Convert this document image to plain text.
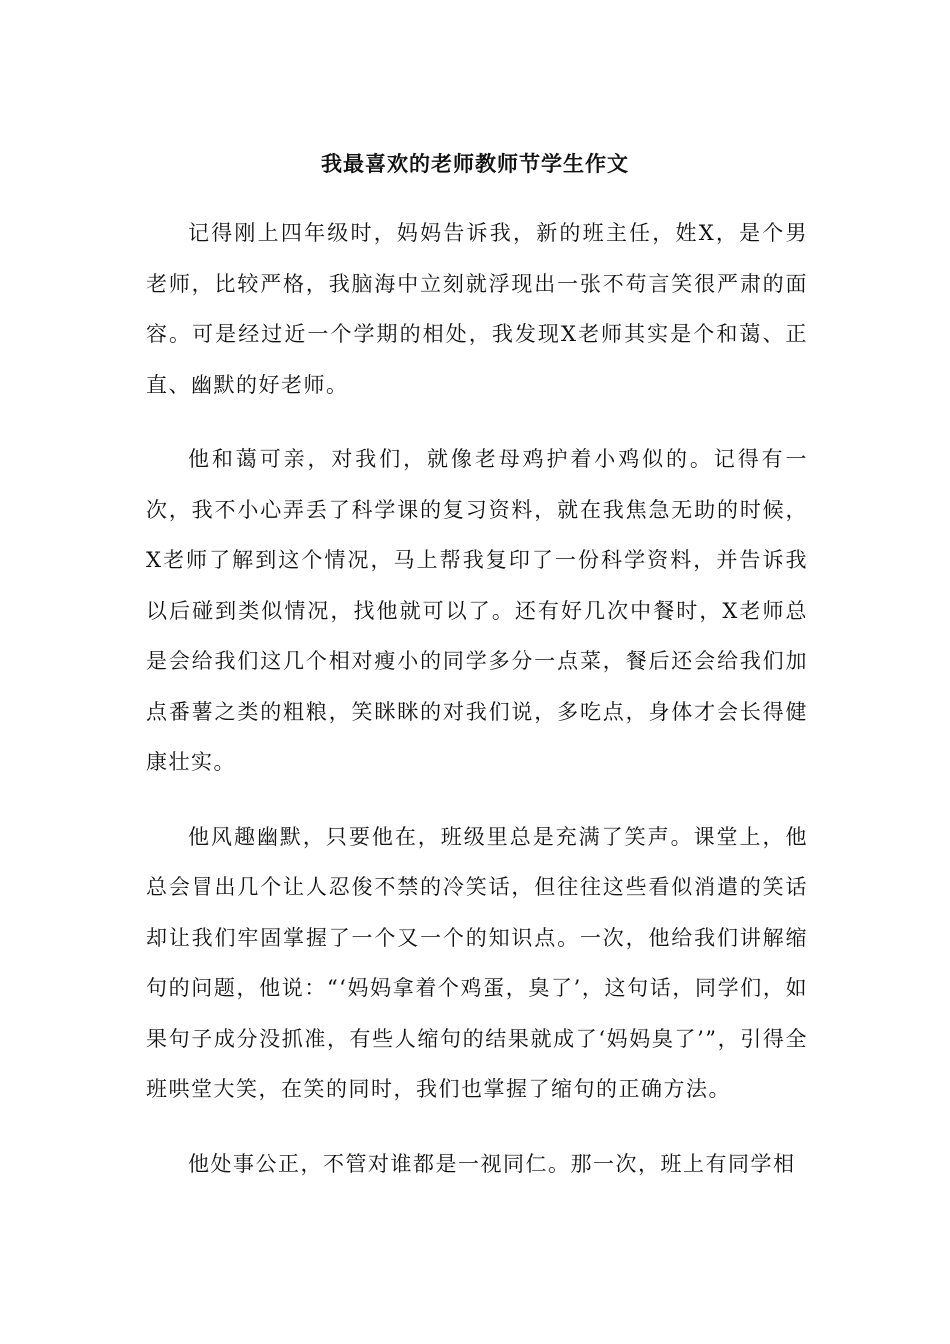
我最喜欢的老师教师节学生作文

记得刚上四年级时，妈妈告诉我，新的班主任，姓X，是个男老师，比较严格，我脑海中立刻就浮现出一张不苟言笑很严肃的面容。可是经过近一个学期的相处，我发现X老师其实是个和蔼、正直、幽默的好老师。

他和蔼可亲，对我们，就像老母鸡护着小鸡似的。记得有一次，我不小心弄丢了科学课的复习资料，就在我焦急无助的时候，X老师了解到这个情况，马上帮我复印了一份科学资料，并告诉我以后碰到类似情况，找他就可以了。还有好几次中餐时，X老师总是会给我们这几个相对瘦小的同学多分一点菜，餐后还会给我们加点番薯之类的粗粮，笑眯眯的对我们说，多吃点，身体才会长得健康壮实。

他风趣幽默，只要他在，班级里总是充满了笑声。课堂上，他总会冒出几个让人忍俊不禁的冷笑话，但往往这些看似消遣的笑话却让我们牢固掌握了一个又一个的知识点。一次，他给我们讲解缩句的问题，他说：“‘妈妈拿着个鸡蛋，臭了’，这句话，同学们，如果句子成分没抓准，有些人缩句的结果就成了‘妈妈臭了’”，引得全班哄堂大笑，在笑的同时，我们也掌握了缩句的正确方法。

他处事公正，不管对谁都是一视同仁。那一次，班上有同学相
